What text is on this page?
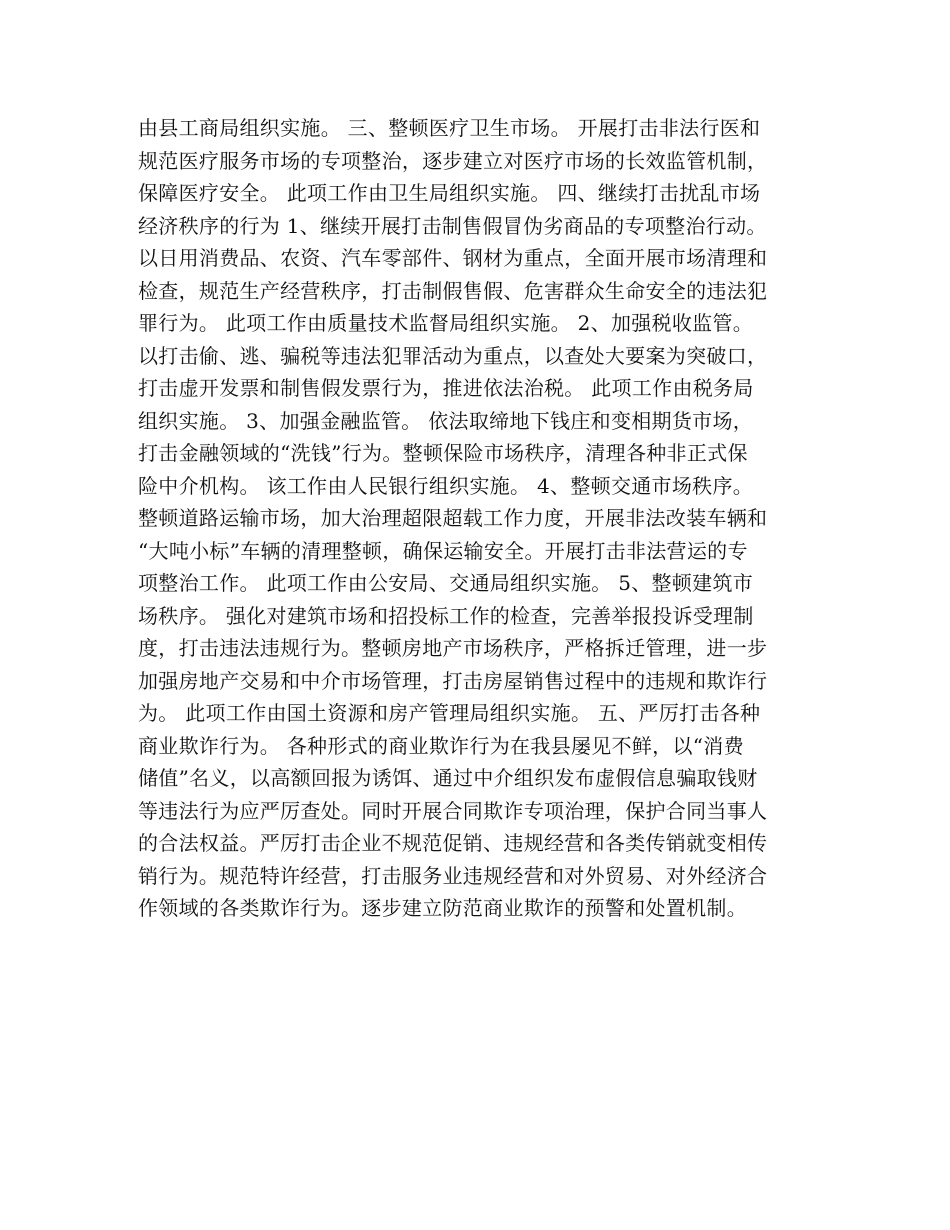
由县工商局组织实施。 三、整顿医疗卫生市场。 开展打击非法行医和
规范医疗服务市场的专项整治，逐步建立对医疗市场的长效监管机制，
保障医疗安全。 此项工作由卫生局组织实施。 四、继续打击扰乱市场
经济秩序的行为 1、继续开展打击制售假冒伪劣商品的专项整治行动。
以日用消费品、农资、汽车零部件、钢材为重点，全面开展市场清理和
检查，规范生产经营秩序，打击制假售假、危害群众生命安全的违法犯
罪行为。 此项工作由质量技术监督局组织实施。 2、加强税收监管。
以打击偷、逃、骗税等违法犯罪活动为重点，以查处大要案为突破口，
打击虚开发票和制售假发票行为，推进依法治税。 此项工作由税务局
组织实施。 3、加强金融监管。 依法取缔地下钱庄和变相期货市场，
打击金融领域的“洗钱”行为。整顿保险市场秩序，清理各种非正式保
险中介机构。 该工作由人民银行组织实施。 4、整顿交通市场秩序。
整顿道路运输市场，加大治理超限超载工作力度，开展非法改装车辆和
“大吨小标”车辆的清理整顿，确保运输安全。开展打击非法营运的专
项整治工作。 此项工作由公安局、交通局组织实施。 5、整顿建筑市
场秩序。 强化对建筑市场和招投标工作的检查，完善举报投诉受理制
度，打击违法违规行为。整顿房地产市场秩序，严格拆迁管理，进一步
加强房地产交易和中介市场管理，打击房屋销售过程中的违规和欺诈行
为。 此项工作由国土资源和房产管理局组织实施。 五、严厉打击各种
商业欺诈行为。 各种形式的商业欺诈行为在我县屡见不鲜，以“消费
储值”名义，以高额回报为诱饵、通过中介组织发布虚假信息骗取钱财
等违法行为应严厉查处。同时开展合同欺诈专项治理，保护合同当事人
的合法权益。严厉打击企业不规范促销、违规经营和各类传销就变相传
销行为。规范特许经营，打击服务业违规经营和对外贸易、对外经济合
作领域的各类欺诈行为。逐步建立防范商业欺诈的预警和处置机制。
